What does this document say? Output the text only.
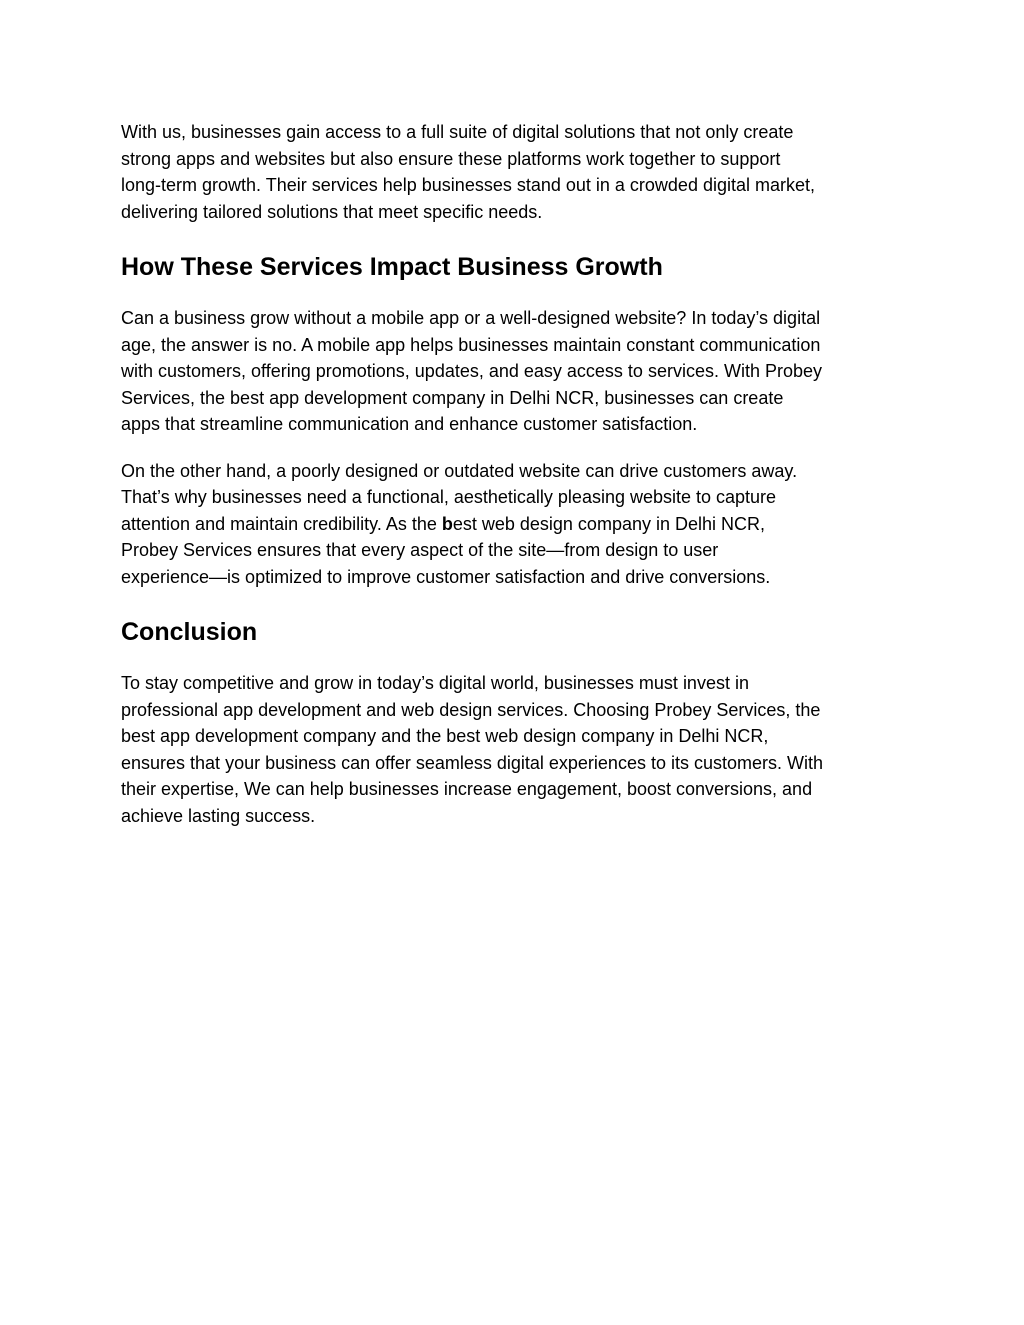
With us, businesses gain access to a full suite of digital solutions that not only create
strong apps and websites but also ensure these platforms work together to support
long-term growth. Their services help businesses stand out in a crowded digital market,
delivering tailored solutions that meet specific needs.

How These Services Impact Business Growth

Can a business grow without a mobile app or a well-designed website? In today’s digital
age, the answer is no. A mobile app helps businesses maintain constant communication
with customers, offering promotions, updates, and easy access to services. With Probey
Services, the best app development company in Delhi NCR, businesses can create
apps that streamline communication and enhance customer satisfaction.

On the other hand, a poorly designed or outdated website can drive customers away.
That’s why businesses need a functional, aesthetically pleasing website to capture
attention and maintain credibility. As the best web design company in Delhi NCR,
Probey Services ensures that every aspect of the site—from design to user
experience—is optimized to improve customer satisfaction and drive conversions.

Conclusion

To stay competitive and grow in today’s digital world, businesses must invest in
professional app development and web design services. Choosing Probey Services, the
best app development company and the best web design company in Delhi NCR,
ensures that your business can offer seamless digital experiences to its customers. With
their expertise, We can help businesses increase engagement, boost conversions, and
achieve lasting success.
